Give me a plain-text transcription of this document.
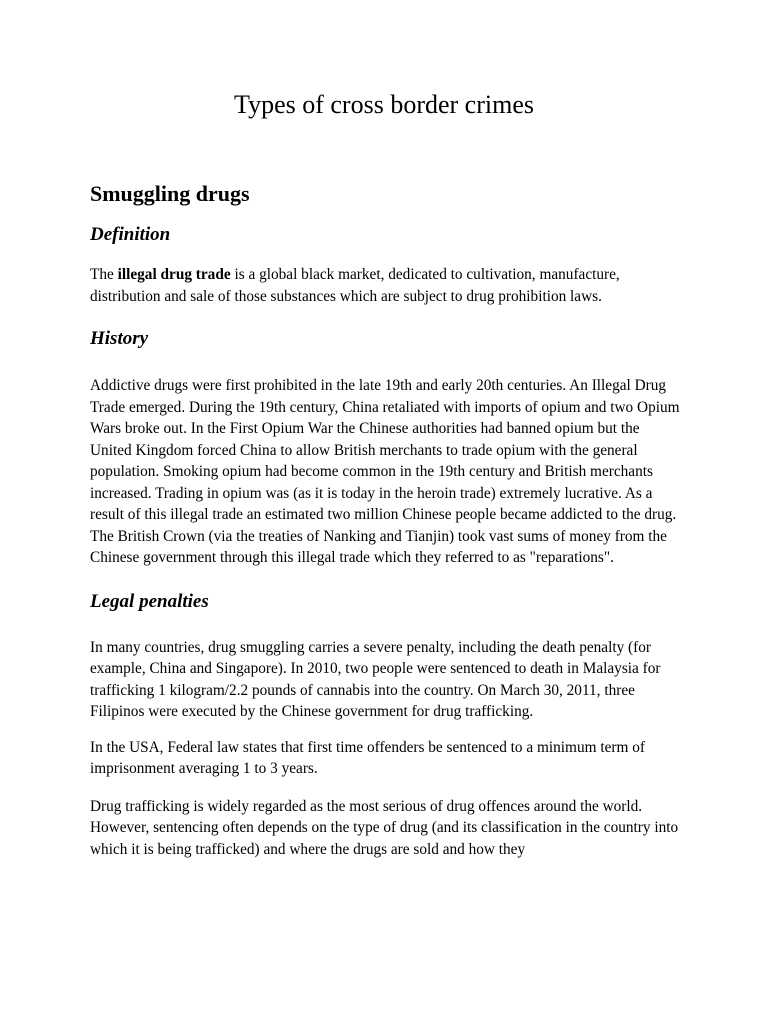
Types of cross border crimes
Smuggling drugs
Definition

The illegal drug trade is a global black market, dedicated to cultivation, manufacture, distribution and sale of those substances which are subject to drug prohibition laws.

History

Addictive drugs were first prohibited in the late 19th and early 20th centuries. An Illegal Drug Trade emerged. During the 19th century, China retaliated with imports of opium and two Opium Wars broke out. In the First Opium War the Chinese authorities had banned opium but the United Kingdom forced China to allow British merchants to trade opium with the general population. Smoking opium had become common in the 19th century and British merchants increased. Trading in opium was (as it is today in the heroin trade) extremely lucrative. As a result of this illegal trade an estimated two million Chinese people became addicted to the drug. The British Crown (via the treaties of Nanking and Tianjin) took vast sums of money from the Chinese government through this illegal trade which they referred to as "reparations".

Legal penalties

In many countries, drug smuggling carries a severe penalty, including the death penalty (for example, China and Singapore). In 2010, two people were sentenced to death in Malaysia for trafficking 1 kilogram/2.2 pounds of cannabis into the country. On March 30, 2011, three Filipinos were executed by the Chinese government for drug trafficking.

In the USA, Federal law states that first time offenders be sentenced to a minimum term of imprisonment averaging 1 to 3 years.

Drug trafficking is widely regarded as the most serious of drug offences around the world. However, sentencing often depends on the type of drug (and its classification in the country into which it is being trafficked) and where the drugs are sold and how they
